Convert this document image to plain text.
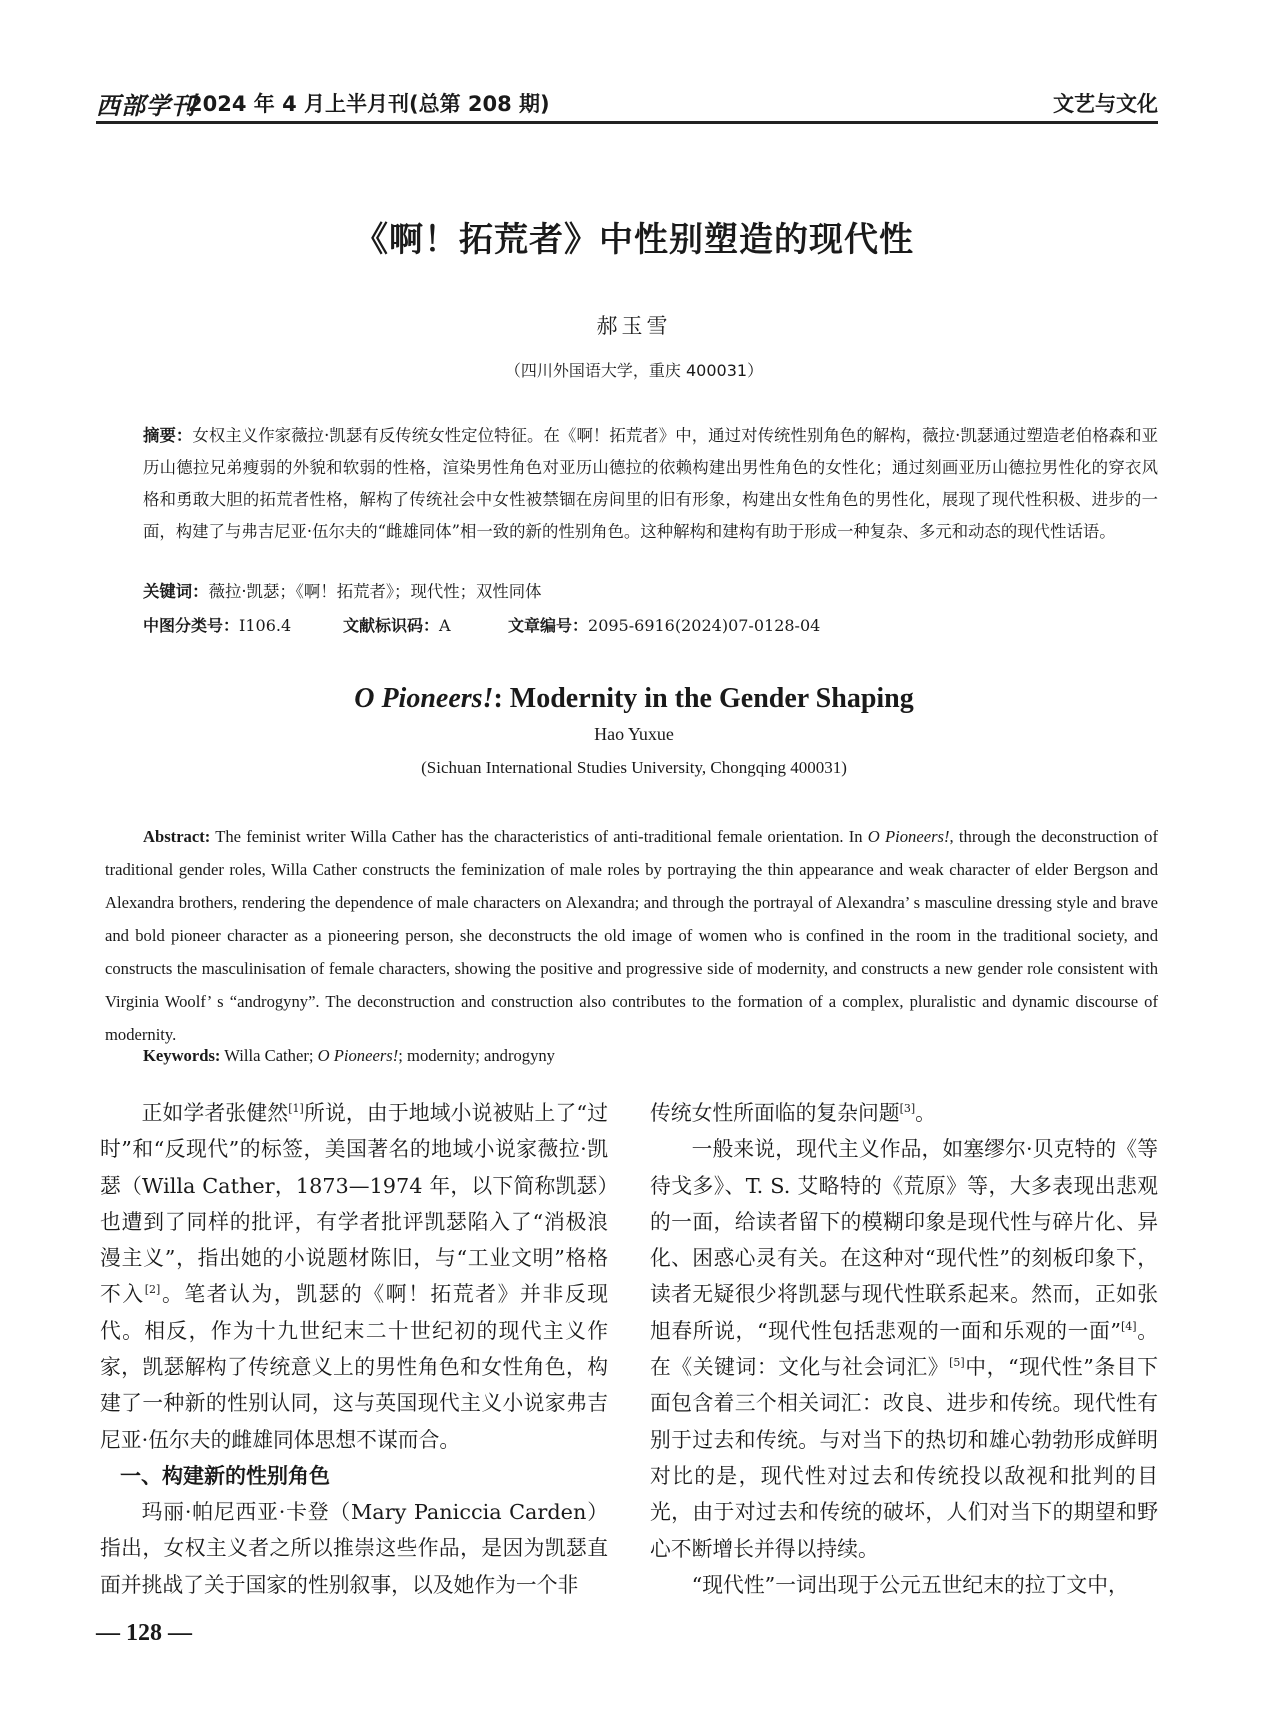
西部学刊
2024 年 4 月上半月刊(总第 208 期)	文艺与文化
《啊！拓荒者》中性别塑造的现代性
郝玉雪
（四川外国语大学，重庆 400031）
摘要：女权主义作家薇拉·凯瑟有反传统女性定位特征。在《啊！拓荒者》中，通过对传统性别角色的解构，薇拉·凯瑟通过塑造老伯格森和亚历山德拉兄弟瘦弱的外貌和软弱的性格，渲染男性角色对亚历山德拉的依赖构建出男性角色的女性化；通过刻画亚历山德拉男性化的穿衣风格和勇敢大胆的拓荒者性格，解构了传统社会中女性被禁锢在房间里的旧有形象，构建出女性角色的男性化，展现了现代性积极、进步的一面，构建了与弗吉尼亚·伍尔夫的“雌雄同体”相一致的新的性别角色。这种解构和建构有助于形成一种复杂、多元和动态的现代性话语。
关键词：薇拉·凯瑟；《啊！拓荒者》；现代性；双性同体
中图分类号：I106.4	文献标识码：A	文章编号：2095-6916(2024)07-0128-04
O Pioneers!: Modernity in the Gender Shaping
Hao Yuxue
(Sichuan International Studies University, Chongqing 400031)
Abstract: The feminist writer Willa Cather has the characteristics of anti-traditional female orientation. In O Pioneers!, through the deconstruction of traditional gender roles, Willa Cather constructs the feminization of male roles by portraying the thin appearance and weak character of elder Bergson and Alexandra brothers, rendering the dependence of male characters on Alexandra; and through the portrayal of Alexandra’ s masculine dressing style and brave and bold pioneer character as a pioneering person, she deconstructs the old image of women who is confined in the room in the traditional society, and constructs the masculinisation of female characters, showing the positive and progressive side of modernity, and constructs a new gender role consistent with Virginia Woolf’ s “androgyny”. The deconstruction and construction also contributes to the formation of a complex, pluralistic and dynamic discourse of modernity.
Keywords: Willa Cather; O Pioneers!; modernity; androgyny

正如学者张健然[1]所说，由于地域小说被贴上了“过时”和“反现代”的标签，美国著名的地域小说家薇拉·凯瑟（Willa Cather，1873—1974 年，以下简称凯瑟）也遭到了同样的批评，有学者批评凯瑟陷入了“消极浪漫主义”，指出她的小说题材陈旧，与“工业文明”格格不入[2]。笔者认为，凯瑟的《啊！拓荒者》并非反现代。相反，作为十九世纪末二十世纪初的现代主义作家，凯瑟解构了传统意义上的男性角色和女性角色，构建了一种新的性别认同，这与英国现代主义小说家弗吉尼亚·伍尔夫的雌雄同体思想不谋而合。

一、构建新的性别角色

玛丽·帕尼西亚·卡登（Mary Paniccia Carden）指出，女权主义者之所以推崇这些作品，是因为凯瑟直面并挑战了关于国家的性别叙事，以及她作为一个非

传统女性所面临的复杂问题[3]。

一般来说，现代主义作品，如塞缪尔·贝克特的《等待戈多》、T. S. 艾略特的《荒原》等，大多表现出悲观的一面，给读者留下的模糊印象是现代性与碎片化、异化、困惑心灵有关。在这种对“现代性”的刻板印象下，读者无疑很少将凯瑟与现代性联系起来。然而，正如张旭春所说，“现代性包括悲观的一面和乐观的一面”[4]。在《关键词：文化与社会词汇》[5]中，“现代性”条目下面包含着三个相关词汇：改良、进步和传统。现代性有别于过去和传统。与对当下的热切和雄心勃勃形成鲜明对比的是，现代性对过去和传统投以敌视和批判的目光，由于对过去和传统的破坏，人们对当下的期望和野心不断增长并得以持续。

“现代性”一词出现于公元五世纪末的拉丁文中，

— 128 —
